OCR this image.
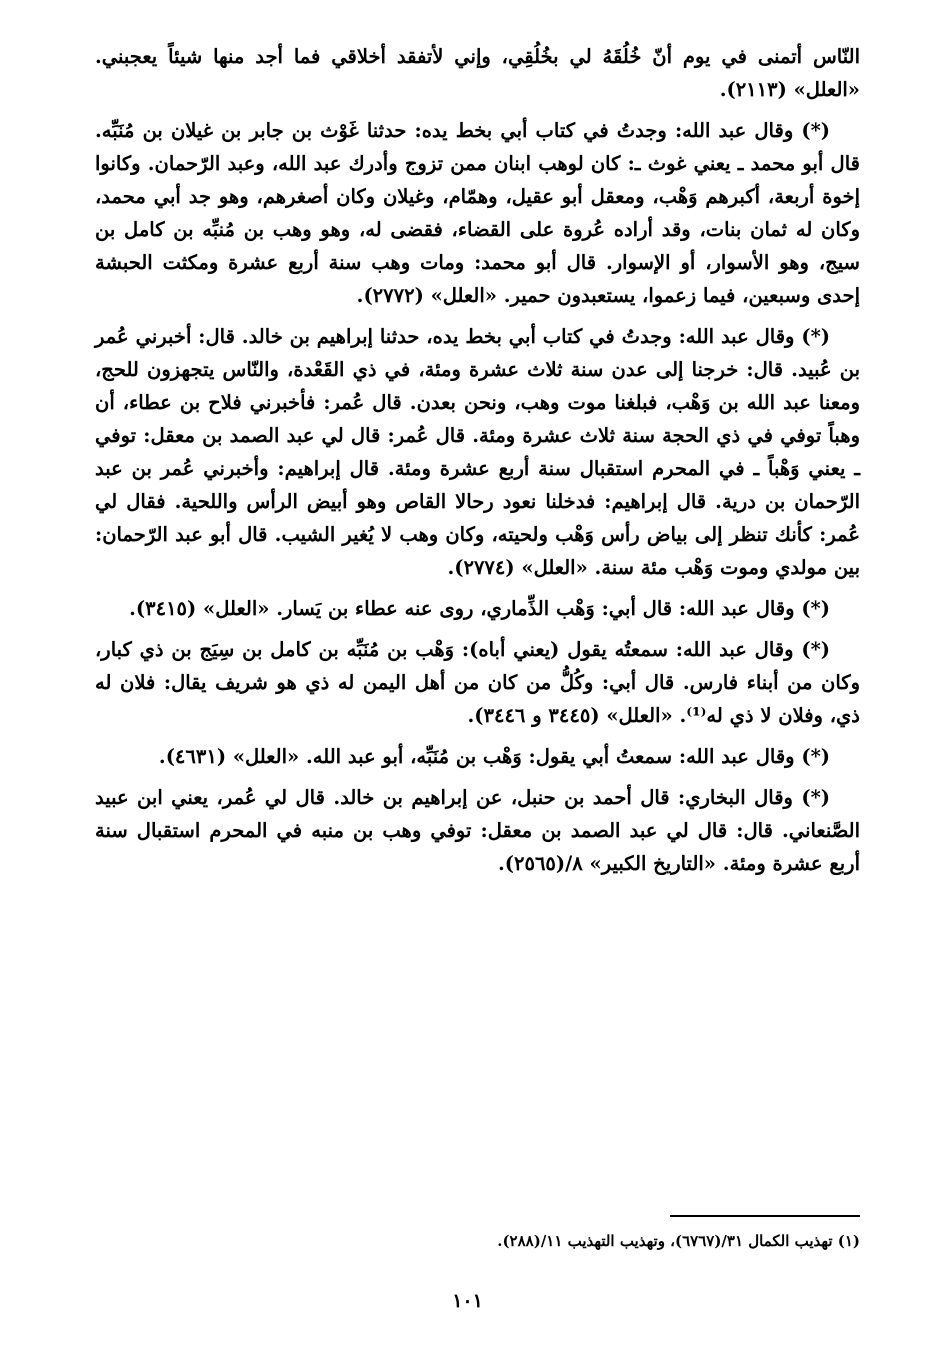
النّاس أتمنى في يوم أنّ خُلُقَهُ لي بخُلُقِي، وإني لأتفقد أخلاقي فما أجد منها شيئاً يعجبني. «العلل» (٢١١٣).

(*) وقال عبد الله: وجدتُ في كتاب أبي بخط يده: حدثنا غَوْث بن جابر بن غيلان بن مُنَبِّه. قال أبو محمد ـ يعني غوث ـ: كان لوهب ابنان ممن تزوج وأدرك عبد الله، وعبد الرّحمان. وكانوا إخوة أربعة، أكبرهم وَهْب، ومعقل أبو عقيل، وهمّام، وغيلان وكان أصغرهم، وهو جد أبي محمد، وكان له ثمان بنات، وقد أراده عُروة على القضاء، فقضى له، وهو وهب بن مُنبِّه بن كامل بن سيج، وهو الأسوار، أو الإسوار. قال أبو محمد: ومات وهب سنة أربع عشرة ومكثت الحبشة إحدى وسبعين، فيما زعموا، يستعبدون حمير. «العلل» (٢٧٧٢).

(*) وقال عبد الله: وجدتُ في كتاب أبي بخط يده، حدثنا إبراهيم بن خالد. قال: أخبرني عُمر بن عُبيد. قال: خرجنا إلى عدن سنة ثلاث عشرة ومئة، في ذي القَعْدة، والنّاس يتجهزون للحج، ومعنا عبد الله بن وَهْب، فبلغنا موت وهب، ونحن بعدن. قال عُمر: فأخبرني فلاح بن عطاء، أن وهباً توفي في ذي الحجة سنة ثلاث عشرة ومئة. قال عُمر: قال لي عبد الصمد بن معقل: توفي ـ يعني وَهْباً ـ في المحرم استقبال سنة أربع عشرة ومئة. قال إبراهيم: وأخبرني عُمر بن عبد الرّحمان بن درية. قال إبراهيم: فدخلنا نعود رحالا القاص وهو أبيض الرأس واللحية. فقال لي عُمر: كأنك تنظر إلى بياض رأس وَهْب ولحيته، وكان وهب لا يُغير الشيب. قال أبو عبد الرّحمان: بين مولدي وموت وَهْب مئة سنة. «العلل» (٢٧٧٤).

(*) وقال عبد الله: قال أبي: وَهْب الذِّماري، روى عنه عطاء بن يَسار. «العلل» (٣٤١٥).

(*) وقال عبد الله: سمعتُه يقول (يعني أباه): وَهْب بن مُنَبِّه بن كامل بن سِيَج بن ذي كبار، وكان من أبناء فارس. قال أبي: وكُلُّ من كان من أهل اليمن له ذي هو شريف يقال: فلان له ذي، وفلان لا ذي له⁽¹⁾. «العلل» (٣٤٤٥ و ٣٤٤٦).

(*) وقال عبد الله: سمعتُ أبي يقول: وَهْب بن مُنَبِّه، أبو عبد الله. «العلل» (٤٦٣١).

(*) وقال البخاري: قال أحمد بن حنبل، عن إبراهيم بن خالد. قال لي عُمر، يعني ابن عبيد الصَّنعاني. قال: قال لي عبد الصمد بن معقل: توفي وهب بن منبه في المحرم استقبال سنة أربع عشرة ومئة. «التاريخ الكبير» ٨/(٢٥٦٥).

(١) تهذيب الكمال ٣١/(٦٧٦٧)، وتهذيب التهذيب ١١/(٢٨٨).
١٠١
